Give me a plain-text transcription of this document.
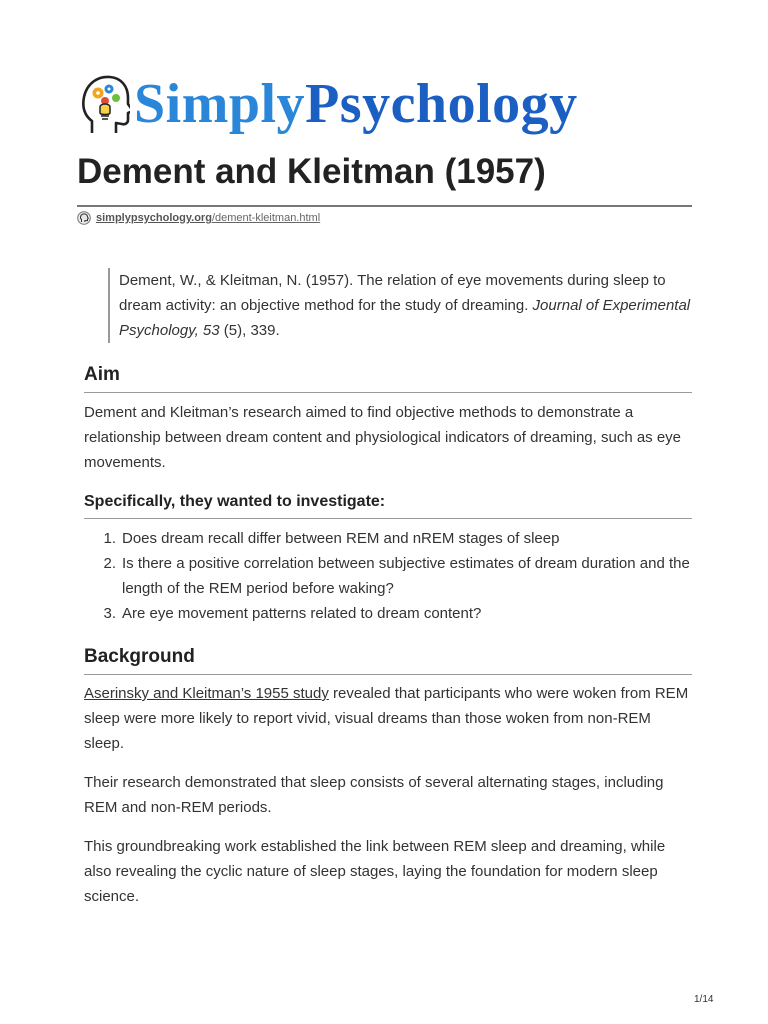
SimplyPsychology
Dement and Kleitman (1957)
simplypsychology.org /dement-kleitman.html
Dement, W., & Kleitman, N. (1957). The relation of eye movements during sleep to dream activity: an objective method for the study of dreaming. Journal of Experimental Psychology, 53 (5), 339.
Aim

Dement and Kleitman’s research aimed to find objective methods to demonstrate a relationship between dream content and physiological indicators of dreaming, such as eye movements.

Specifically, they wanted to investigate:
1. Does dream recall differ between REM and nREM stages of sleep
2. Is there a positive correlation between subjective estimates of dream duration and the length of the REM period before waking?
3. Are eye movement patterns related to dream content?
Background

Aserinsky and Kleitman’s 1955 study revealed that participants who were woken from REM sleep were more likely to report vivid, visual dreams than those woken from non-REM sleep.

Their research demonstrated that sleep consists of several alternating stages, including REM and non-REM periods.

This groundbreaking work established the link between REM sleep and dreaming, while also revealing the cyclic nature of sleep stages, laying the foundation for modern sleep science.

1/14
